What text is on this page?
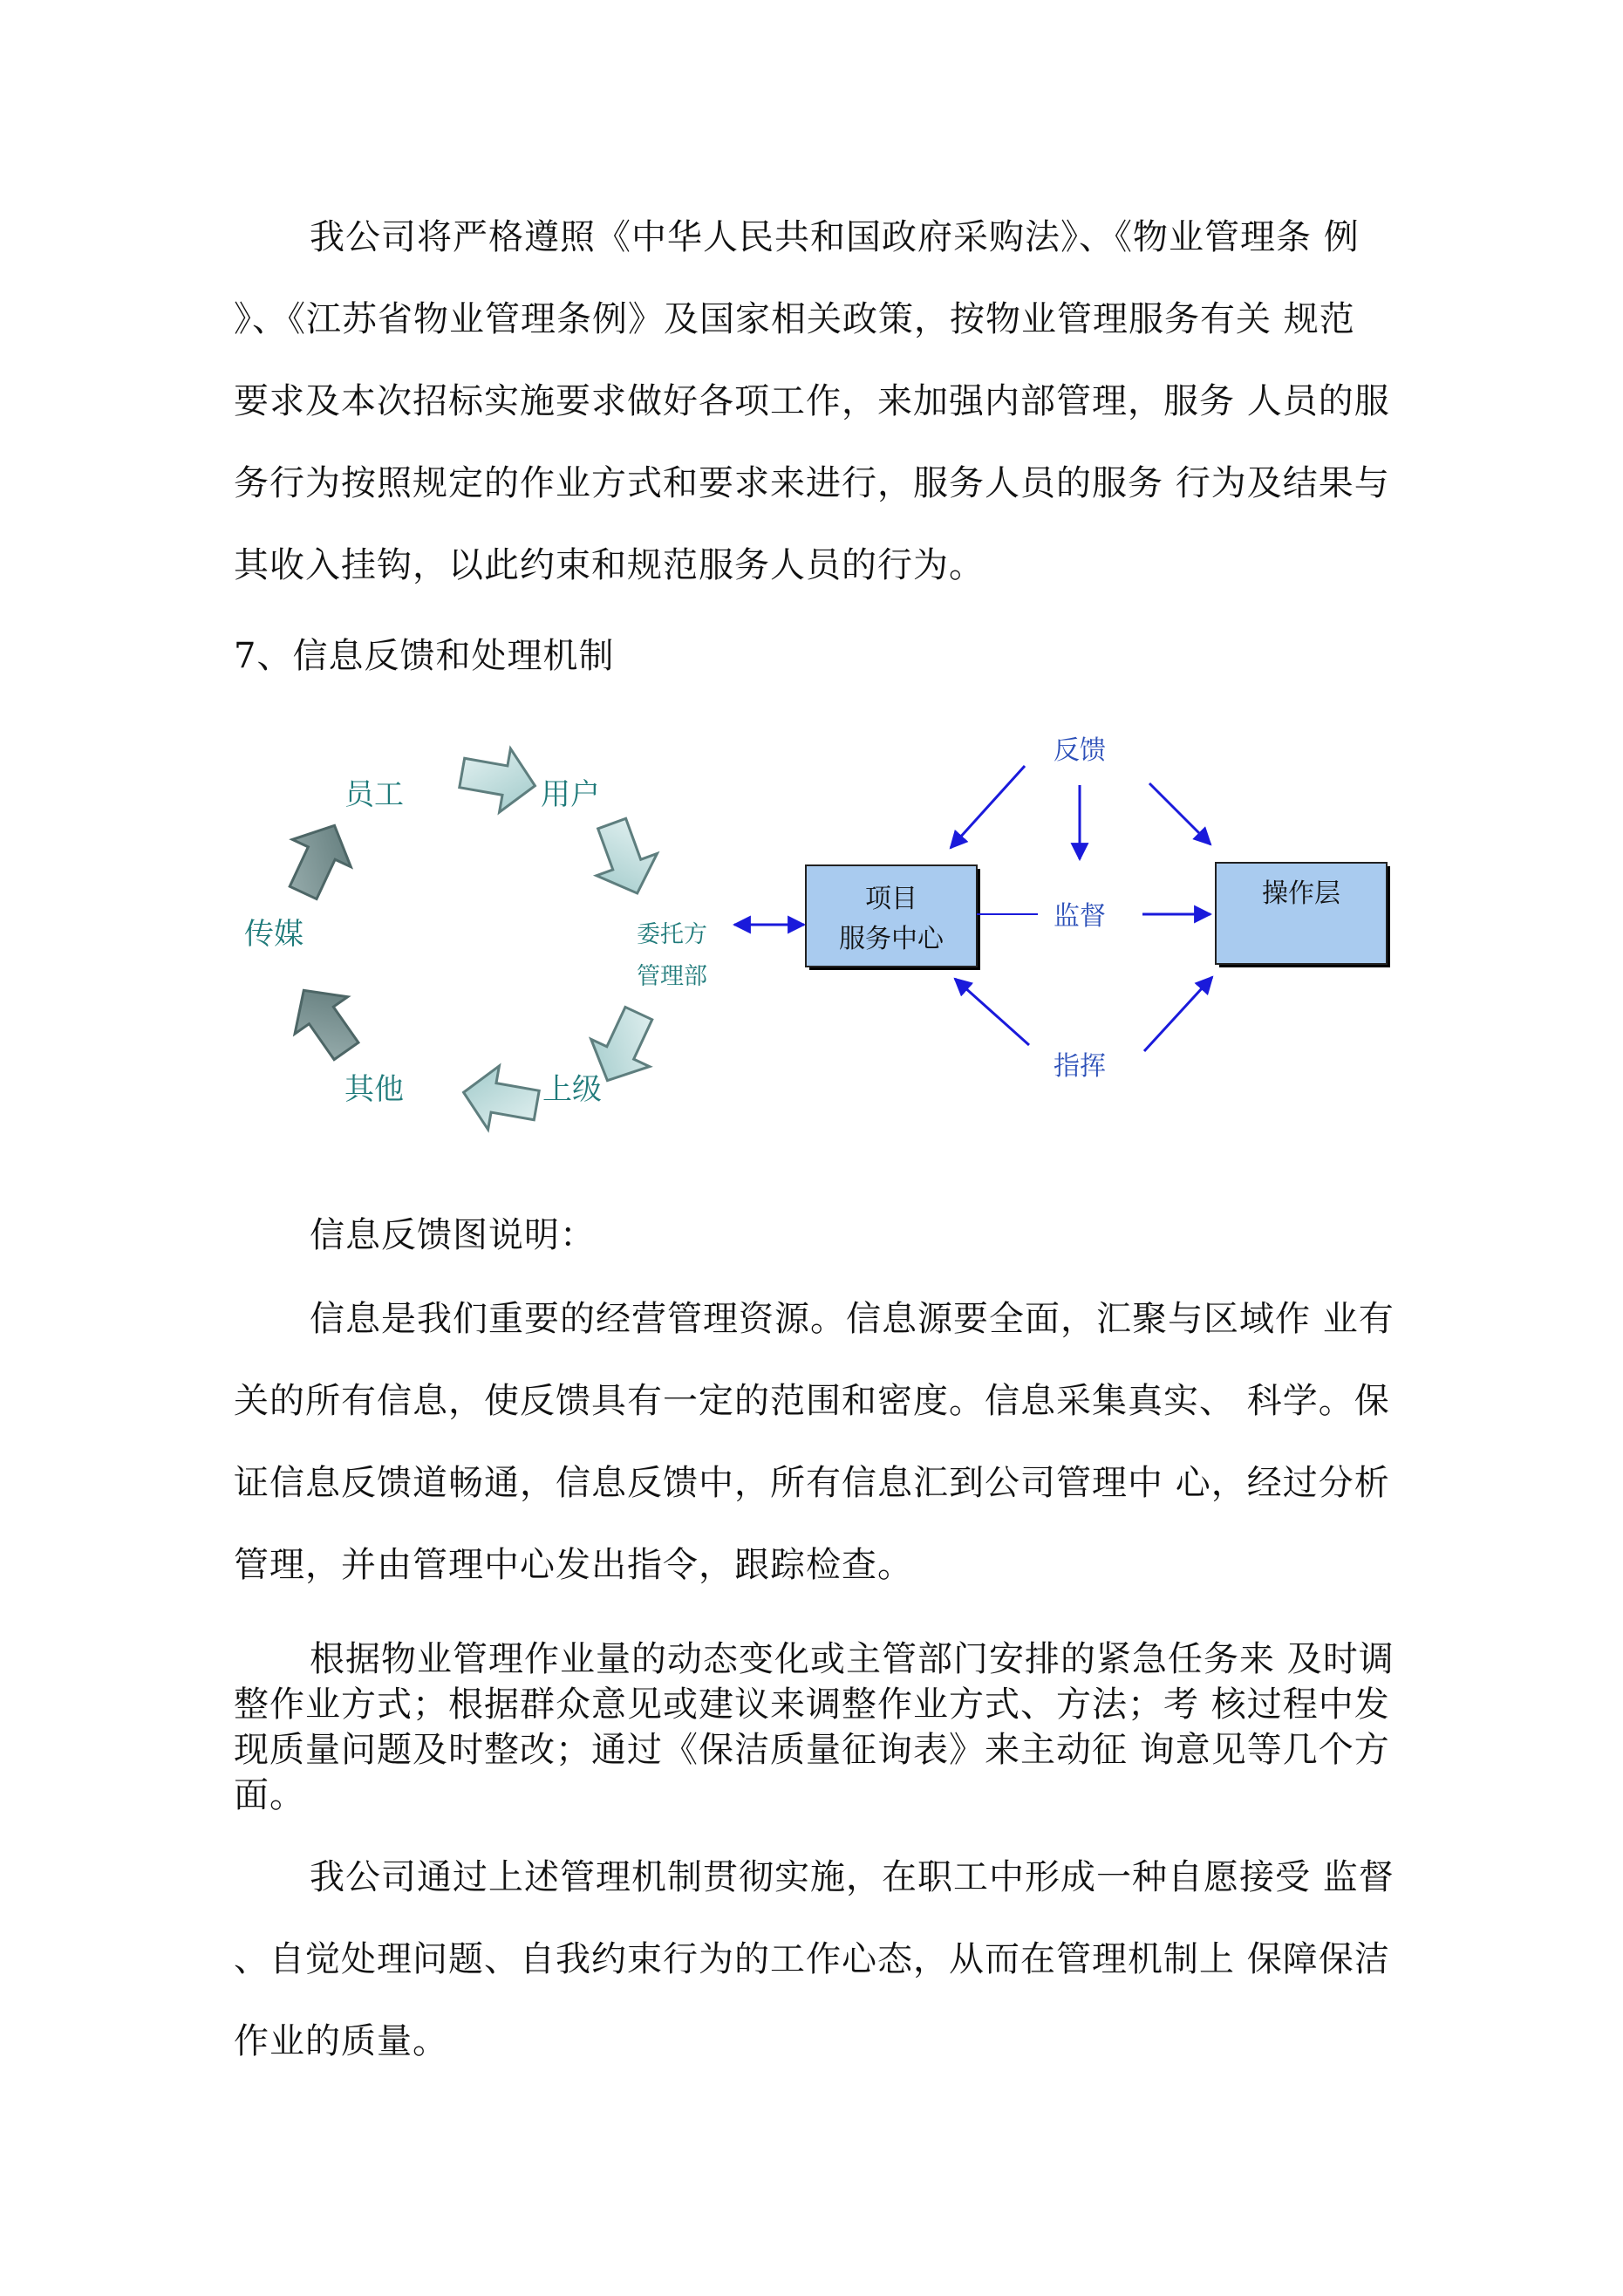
我公司将严格遵照《中华人民共和国政府采购法》、《物业管理条 例
》、《江苏省物业管理条例》及国家相关政策，按物业管理服务有关 规范
要求及本次招标实施要求做好各项工作，来加强内部管理，服务 人员的服
务行为按照规定的作业方式和要求来进行，服务人员的服务 行为及结果与
其收入挂钩，以此约束和规范服务人员的行为。
7、信息反馈和处理机制
员工	用户
委托方
管理部
上级
其他
传媒
项目
服务中心
操作层
反馈
监督
指挥
信息反馈图说明：
信息是我们重要的经营管理资源。信息源要全面，汇聚与区域作 业有
关的所有信息，使反馈具有一定的范围和密度。信息采集真实、 科学。保
证信息反馈道畅通，信息反馈中，所有信息汇到公司管理中 心，经过分析
管理，并由管理中心发出指令，跟踪检查。
根据物业管理作业量的动态变化或主管部门安排的紧急任务来 及时调
整作业方式；根据群众意见或建议来调整作业方式、方法；考 核过程中发
现质量问题及时整改；通过《保洁质量征询表》来主动征 询意见等几个方
面。
我公司通过上述管理机制贯彻实施，在职工中形成一种自愿接受 监督
、自觉处理问题、自我约束行为的工作心态，从而在管理机制上 保障保洁
作业的质量。
